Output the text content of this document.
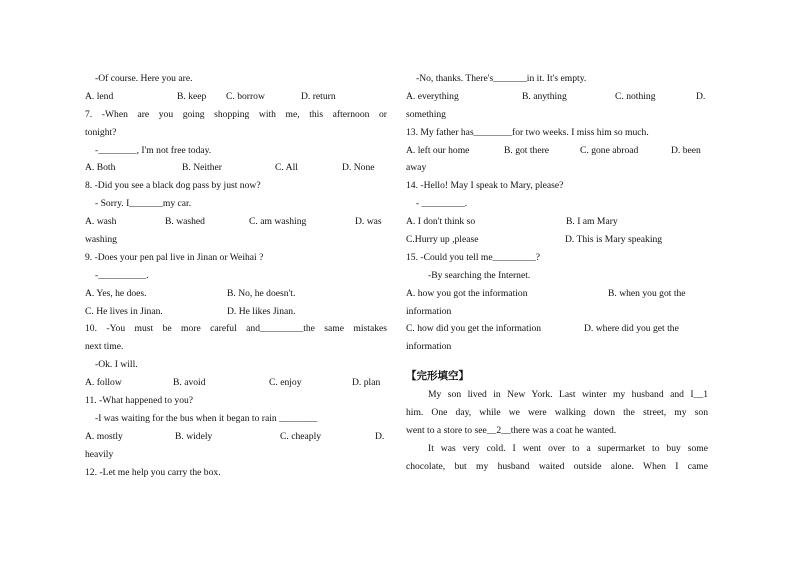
-Of course. Here you are.
A. lend	B. keep C. borrow	D. return
7. -When are you going shopping with me, this afternoon or
tonight?
-________, I'm not free today.
A. Both	B. Neither	C. All	D. None
8. -Did you see a black dog pass by just now?
- Sorry. I_______my car.
A. wash	B. washed	C. am washing	D. was
washing
9. -Does your pen pal live in Jinan or Weihai ?
-__________.
A. Yes, he does.	B. No, he doesn't.
C. He lives in Jinan.	D. He likes Jinan.
10. -You must be more careful and_________the same mistakes
next time.
-Ok. I will.
A. follow	B. avoid	C. enjoy	D. plan
11. -What happened to you?
-I was waiting for the bus when it began to rain ________
A. mostly	B. widely	C. cheaply	D.
heavily
12. -Let me help you carry the box.
-No, thanks. There's_______in it. It's empty.
A. everything	B. anything	C. nothing	D.
something
13. My father has________for two weeks. I miss him so much.
A. left our home	B. got there	C. gone abroad	D. been
away
14. -Hello! May I speak to Mary, please?
- _________.
A. I don't think so	B. I am Mary
C.Hurry up ,please	D. This is Mary speaking
15. -Could you tell me_________?
-By searching the Internet.
A. how you got the information	B. when you got the
information
C. how did you get the information	D. where did you get the
information
【完形填空】
My son lived in New York. Last winter my husband and I__1
him. One day, while we were walking down the street, my son
went to a store to see__2__there was a coat he wanted.
It was very cold. I went over to a supermarket to buy some
chocolate, but my husband waited outside alone. When I came
